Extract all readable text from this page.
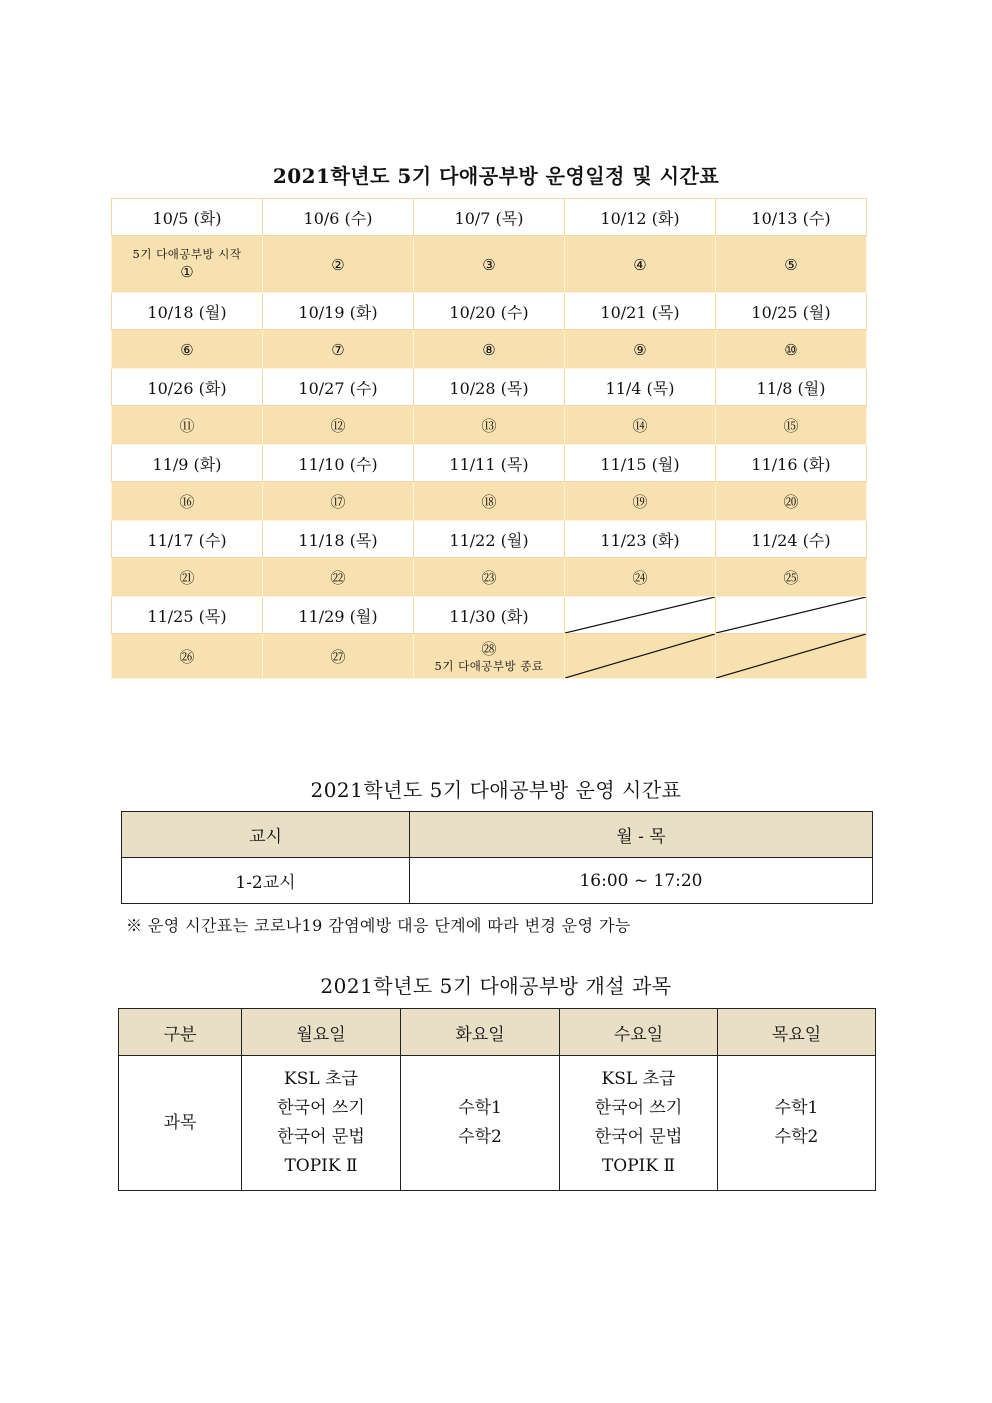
2021학년도 5기 다애공부방 운영일정 및 시간표
10/5 (화)	10/6 (수)	10/7 (목)	10/12 (화)	10/13 (수)

5기 다애공부방 시작
①	②	③	④	⑤
10/18 (월)	10/19 (화)	10/20 (수)	10/21 (목)	10/25 (월)
⑥	⑦	⑧	⑨	⑩
10/26 (화)	10/27 (수)	10/28 (목)	11/4 (목)	11/8 (월)
⑪	⑫	⑬	⑭	⑮
11/9 (화)	11/10 (수)	11/11 (목)	11/15 (월)	11/16 (화)
⑯	⑰	⑱	⑲	⑳
11/17 (수)	11/18 (목)	11/22 (월)	11/23 (화)	11/24 (수)
㉑	㉒	㉓	㉔	㉕
11/25 (목)	11/29 (월)	11/30 (화)	

㉖	㉗	㉘
5기 다애공부방 종료

2021학년도 5기 다애공부방 운영 시간표
교시	월 - 목
1-2교시	16:00 ~ 17:20
※ 운영 시간표는 코로나19 감염예방 대응 단계에 따라 변경 운영 가능
2021학년도 5기 다애공부방 개설 과목
구분	월요일	화요일	수요일	목요일
과목	KSL 초급
한국어 쓰기
한국어 문법
TOPIK Ⅱ	수학1
수학2	KSL 초급
한국어 쓰기
한국어 문법
TOPIK Ⅱ	수학1
수학2
